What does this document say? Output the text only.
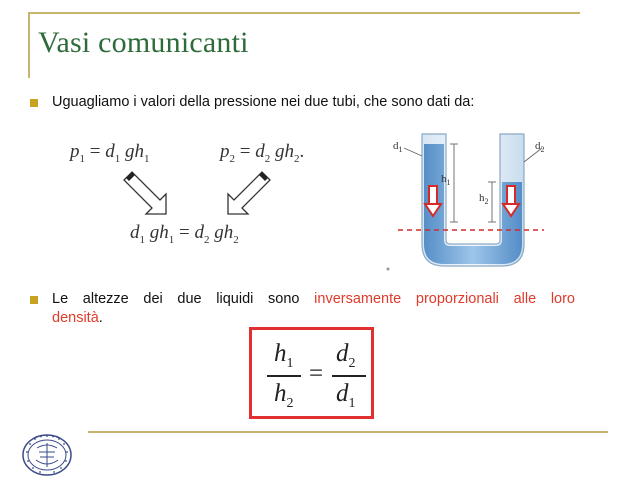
Vasi comunicanti
Uguagliamo i valori della pressione nei due tubi, che sono dati da:
$p_1 = d_1$ $gh_1$	$p_2 = d_2$ $gh_2$.
$d_1$ $gh_1 = d_2$ $gh_2$
$d_1$	$d_2$
$h_1$
$h_2$
Le altezze dei due liquidi sono inversamente proporzionali alle loro
densità.
$h_1$
$h_2$
=
$d_2$
$d_1$
